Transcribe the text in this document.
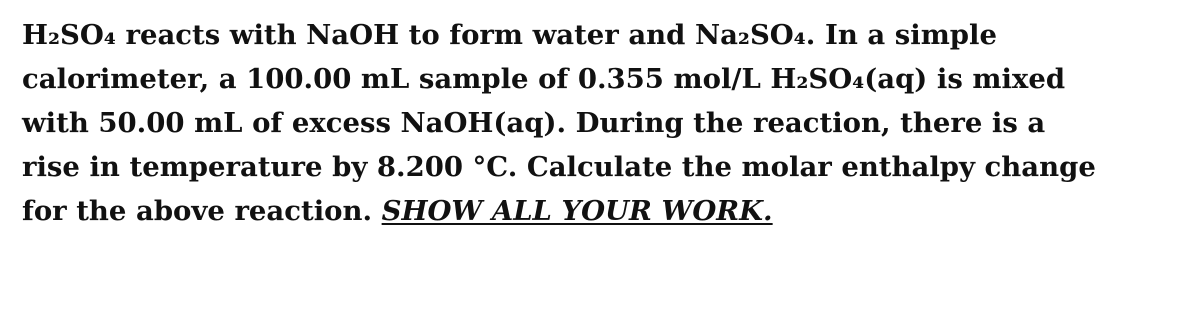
H₂SO₄ reacts with NaOH to form water and Na₂SO₄. In a simple
calorimeter, a 100.00 mL sample of 0.355 mol/L H₂SO₄(aq) is mixed
with 50.00 mL of excess NaOH(aq). During the reaction, there is a
rise in temperature by 8.200 °C. Calculate the molar enthalpy change
for the above reaction. SHOW ALL YOUR WORK.
